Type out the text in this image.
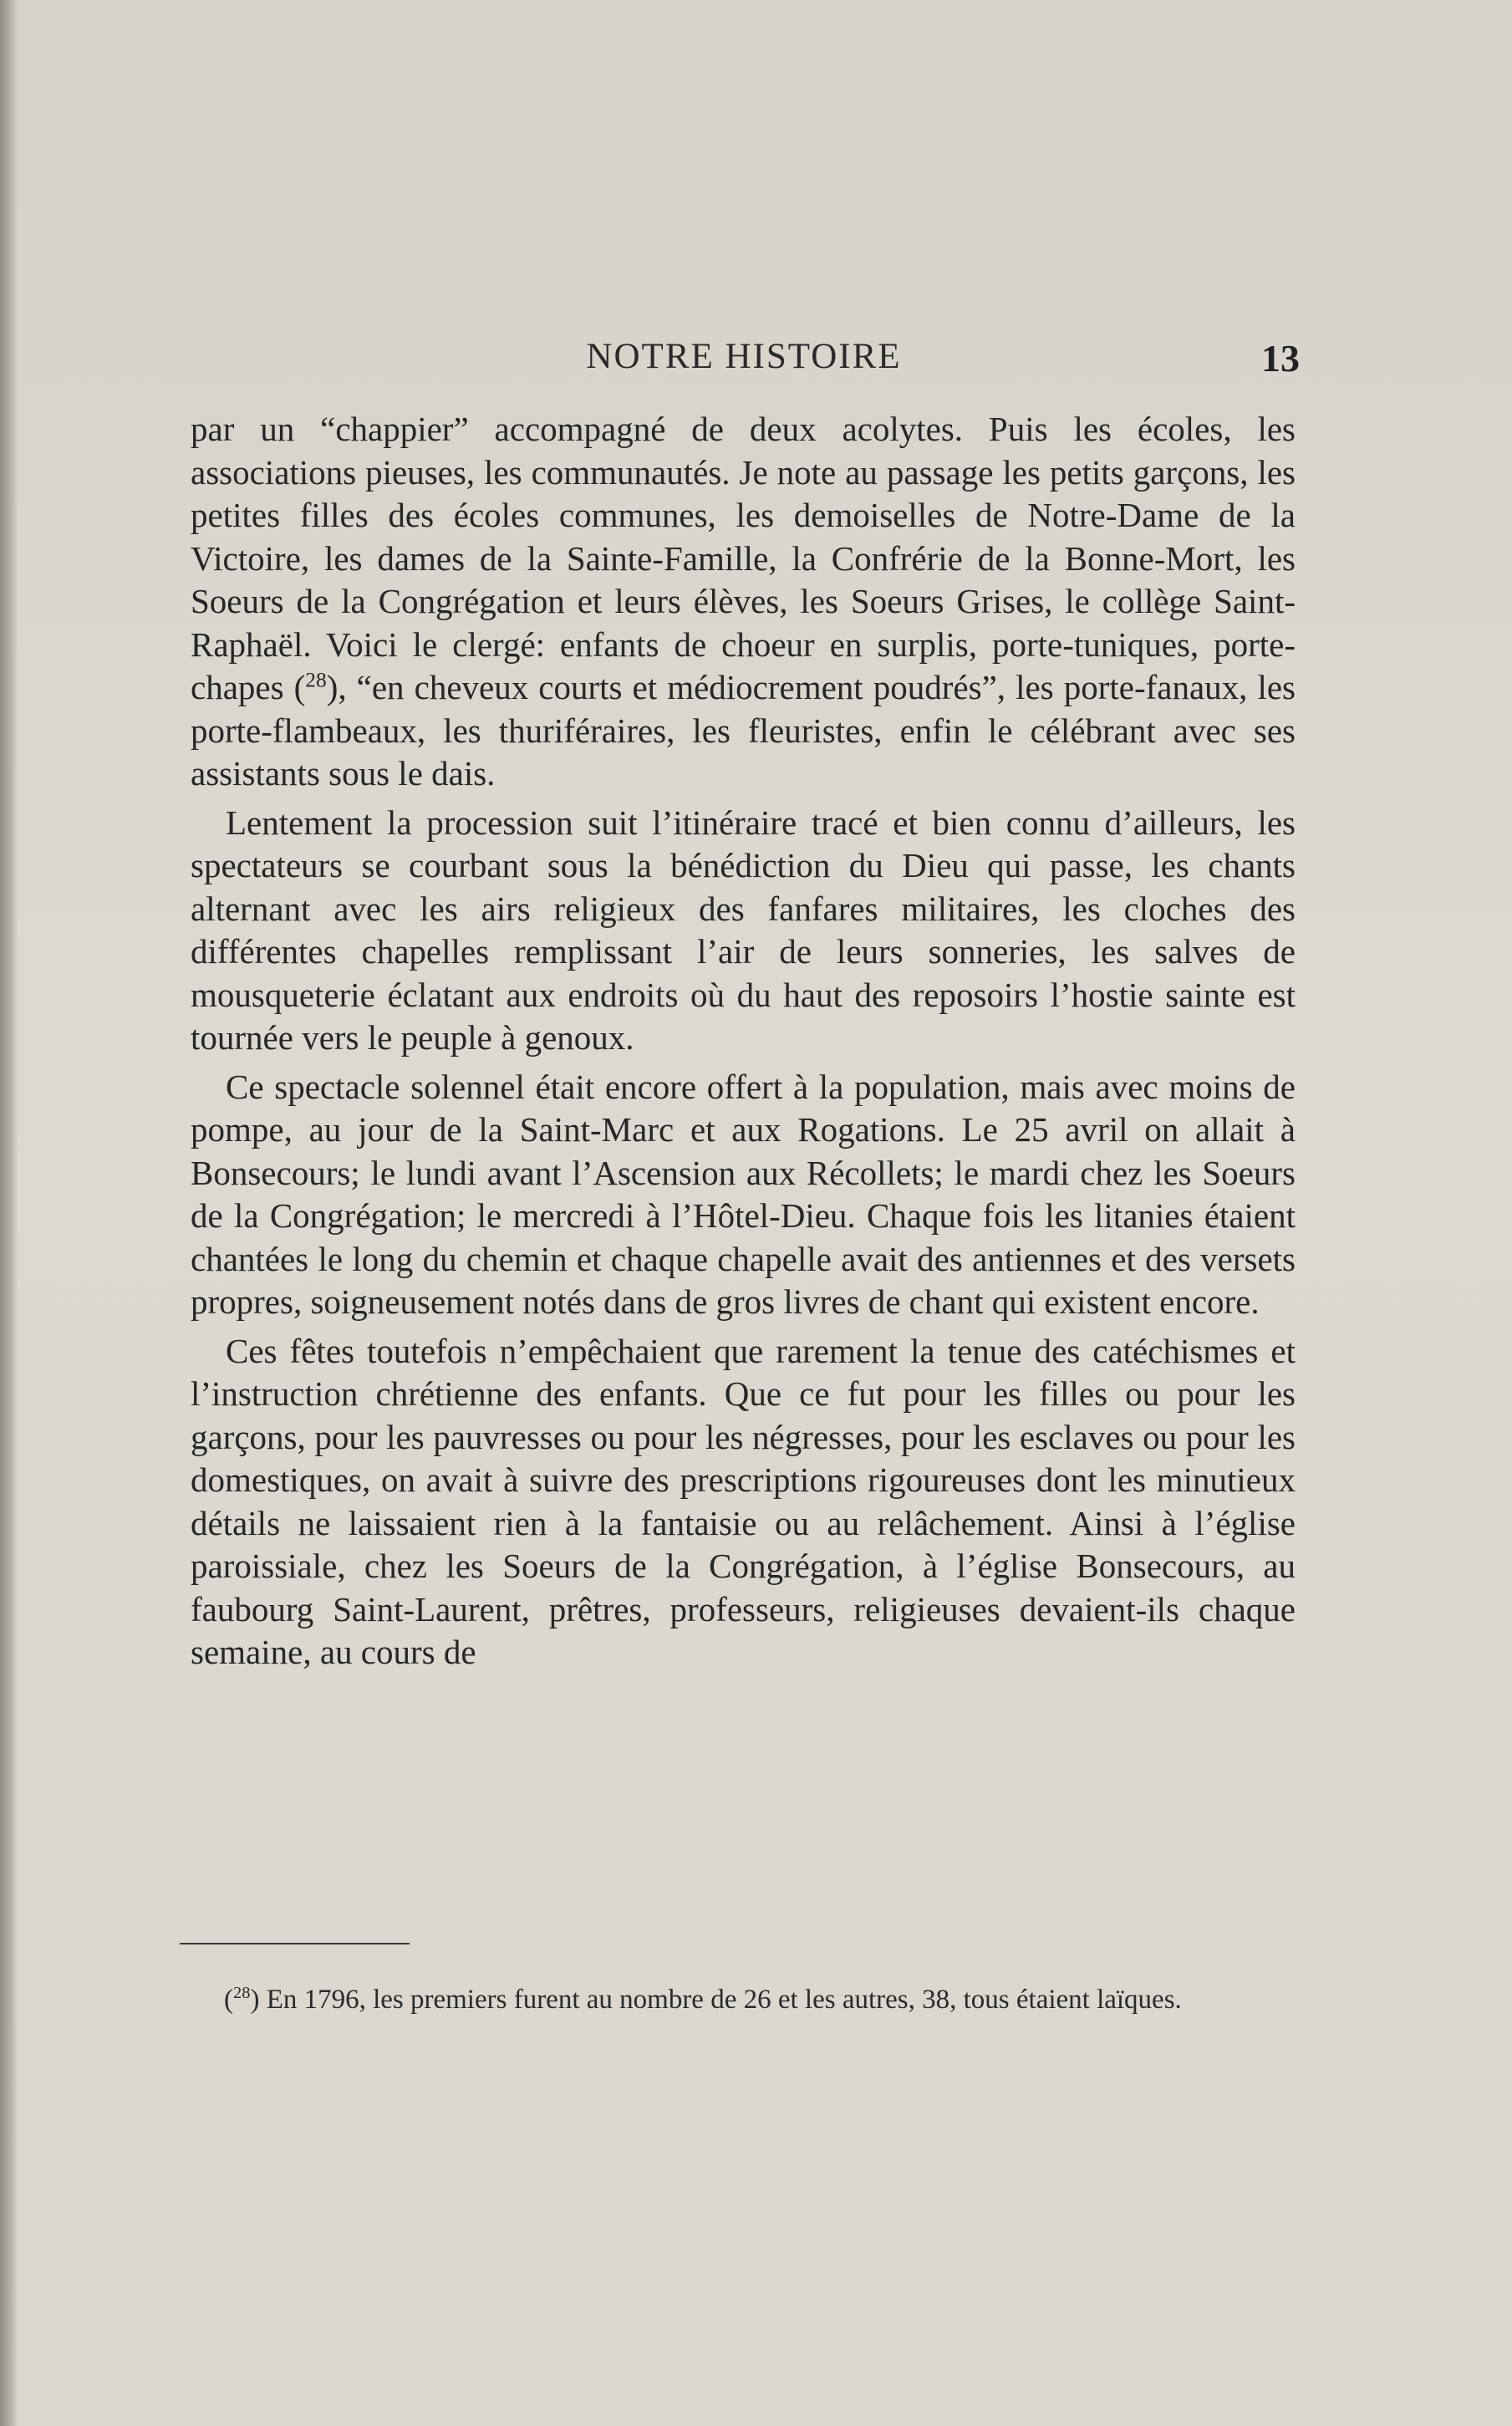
NOTRE HISTOIRE	13

par un “chappier” accompagné de deux acolytes. Puis les écoles, les associations pieuses, les communautés. Je note au passage les petits garçons, les petites filles des écoles communes, les demoiselles de Notre-Dame de la Victoire, les dames de la Sainte-Famille, la Confrérie de la Bonne-Mort, les Soeurs de la Congrégation et leurs élèves, les Soeurs Grises, le collège Saint-Raphaël. Voici le clergé: enfants de choeur en surplis, porte-tuniques, porte-chapes ($^{28}$), “en cheveux courts et médiocrement poudrés”, les porte-fanaux, les porte-flambeaux, les thuriféraires, les fleuristes, enfin le célébrant avec ses assistants sous le dais.

Lentement la procession suit l’itinéraire tracé et bien connu d’ailleurs, les spectateurs se courbant sous la bénédiction du Dieu qui passe, les chants alternant avec les airs religieux des fanfares militaires, les cloches des différentes chapelles remplissant l’air de leurs sonneries, les salves de mousqueterie éclatant aux endroits où du haut des reposoirs l’hostie sainte est tournée vers le peuple à genoux.

Ce spectacle solennel était encore offert à la population, mais avec moins de pompe, au jour de la Saint-Marc et aux Rogations. Le 25 avril on allait à Bonsecours; le lundi avant l’Ascension aux Récollets; le mardi chez les Soeurs de la Congrégation; le mercredi à l’Hôtel-Dieu. Chaque fois les litanies étaient chantées le long du chemin et chaque chapelle avait des antiennes et des versets propres, soigneusement notés dans de gros livres de chant qui existent encore.

Ces fêtes toutefois n’empêchaient que rarement la tenue des catéchismes et l’instruction chrétienne des enfants. Que ce fut pour les filles ou pour les garçons, pour les pauvresses ou pour les négresses, pour les esclaves ou pour les domestiques, on avait à suivre des prescriptions rigoureuses dont les minutieux détails ne laissaient rien à la fantaisie ou au relâchement. Ainsi à l’église paroissiale, chez les Soeurs de la Congrégation, à l’église Bonsecours, au faubourg Saint-Laurent, prêtres, professeurs, religieuses devaient-ils chaque semaine, au cours de

($^{28}$) En 1796, les premiers furent au nombre de 26 et les autres, 38, tous étaient laïques.
